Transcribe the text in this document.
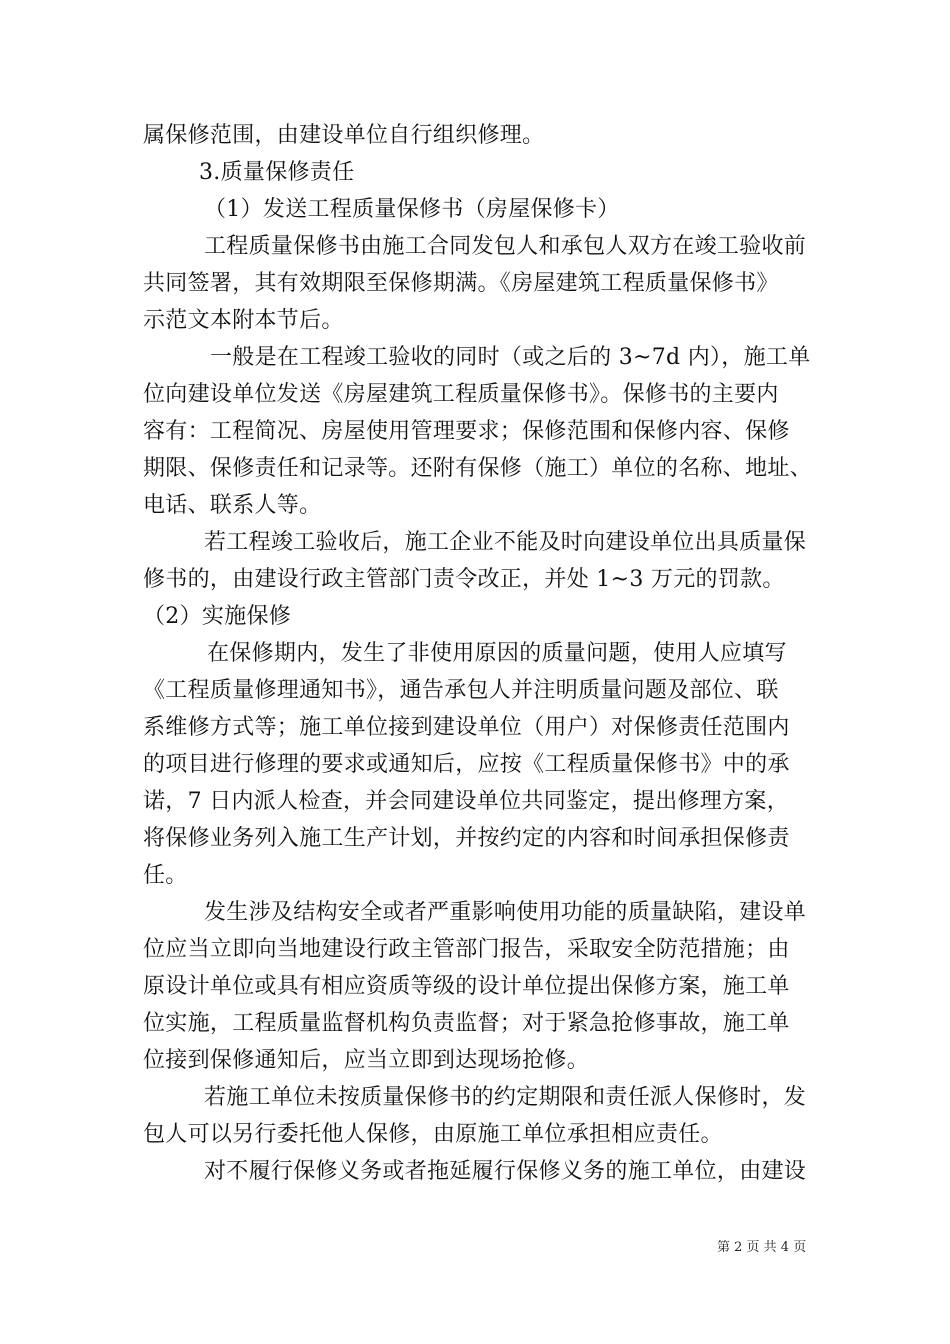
属保修范围，由建设单位自行组织修理。
3.质量保修责任
（1）发送工程质量保修书（房屋保修卡）
工程质量保修书由施工合同发包人和承包人双方在竣工验收前
共同签署，其有效期限至保修期满。《房屋建筑工程质量保修书》
示范文本附本节后。
一般是在工程竣工验收的同时（或之后的 3~7d 内），施工单
位向建设单位发送《房屋建筑工程质量保修书》。保修书的主要内
容有：工程简况、房屋使用管理要求；保修范围和保修内容、保修
期限、保修责任和记录等。还附有保修（施工）单位的名称、地址、
电话、联系人等。
若工程竣工验收后，施工企业不能及时向建设单位出具质量保
修书的，由建设行政主管部门责令改正，并处 1~3 万元的罚款。
（2）实施保修
在保修期内，发生了非使用原因的质量问题，使用人应填写
《工程质量修理通知书》，通告承包人并注明质量问题及部位、联
系维修方式等；施工单位接到建设单位（用户）对保修责任范围内
的项目进行修理的要求或通知后，应按《工程质量保修书》中的承
诺，7 日内派人检查，并会同建设单位共同鉴定，提出修理方案，
将保修业务列入施工生产计划，并按约定的内容和时间承担保修责
任。
发生涉及结构安全或者严重影响使用功能的质量缺陷，建设单
位应当立即向当地建设行政主管部门报告，采取安全防范措施；由
原设计单位或具有相应资质等级的设计单位提出保修方案，施工单
位实施，工程质量监督机构负责监督；对于紧急抢修事故，施工单
位接到保修通知后，应当立即到达现场抢修。
若施工单位未按质量保修书的约定期限和责任派人保修时，发
包人可以另行委托他人保修，由原施工单位承担相应责任。
对不履行保修义务或者拖延履行保修义务的施工单位，由建设
第 2 页 共 4 页
